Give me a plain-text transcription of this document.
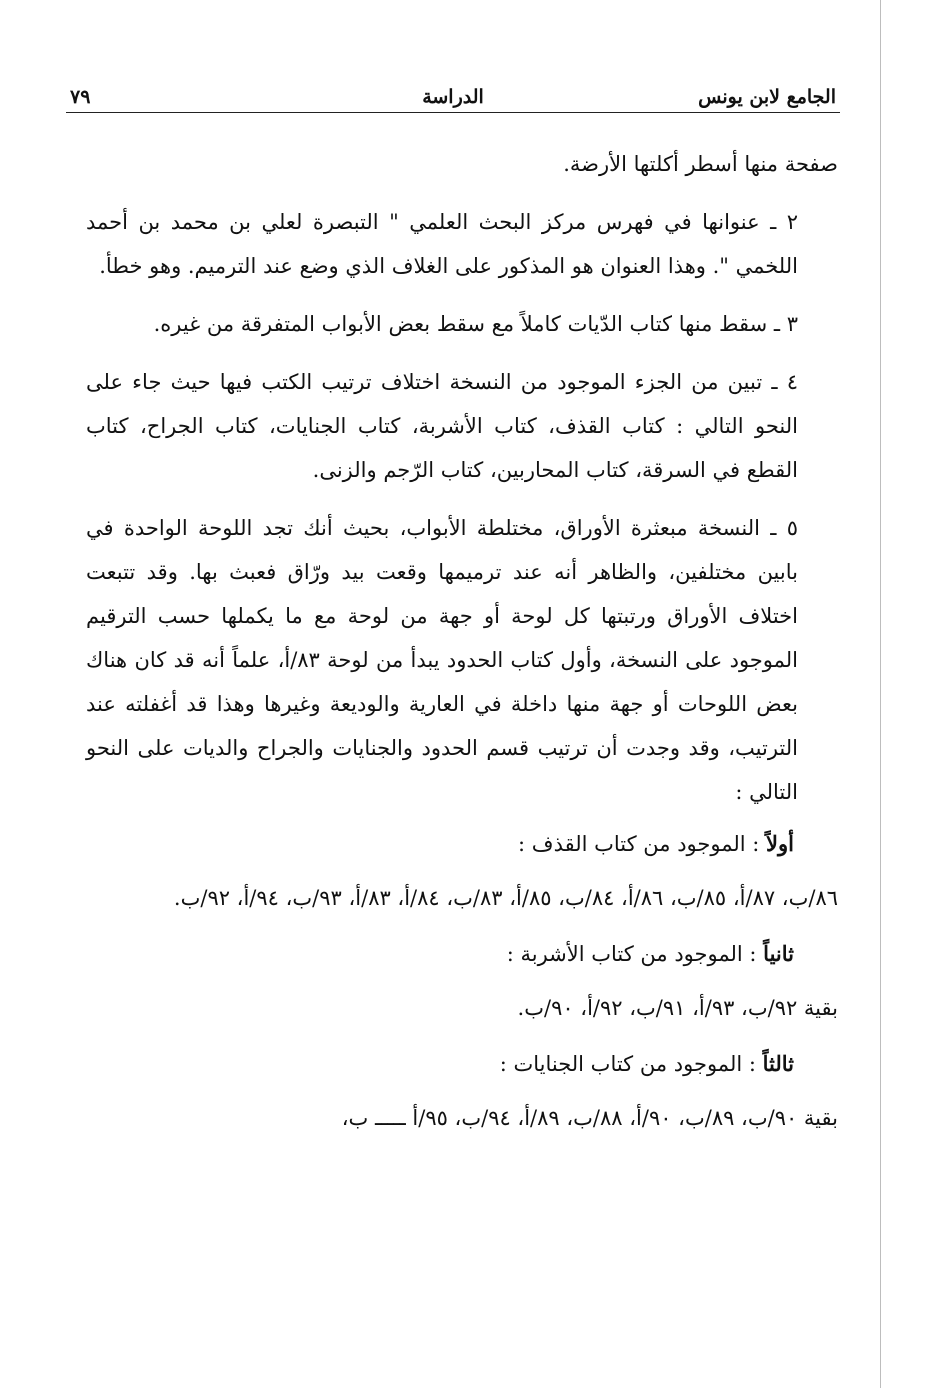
الجامع لابن يونس
الدراسة
٧٩

صفحة منها أسطر أكلتها الأرضة.

٢ ـ عنوانها في فهرس مركز البحث العلمي " التبصرة لعلي بن محمد بن أحمد اللخمي ". وهذا العنوان هو المذكور على الغلاف الذي وضع عند الترميم. وهو خطأ.

٣ ـ سقط منها كتاب الدّيات كاملاً مع سقط بعض الأبواب المتفرقة من غيره.

٤ ـ تبين من الجزء الموجود من النسخة اختلاف ترتيب الكتب فيها حيث جاء على النحو التالي : كتاب القذف، كتاب الأشربة، كتاب الجنايات، كتاب الجراح، كتاب القطع في السرقة، كتاب المحاربين، كتاب الرّجم والزنى.

٥ ـ النسخة مبعثرة الأوراق، مختلطة الأبواب، بحيث أنك تجد اللوحة الواحدة في بابين مختلفين، والظاهر أنه عند ترميمها وقعت بيد ورّاق فعبث بها. وقد تتبعت اختلاف الأوراق ورتبتها كل لوحة أو جهة من لوحة مع ما يكملها حسب الترقيم الموجود على النسخة، وأول كتاب الحدود يبدأ من لوحة ٨٣/أ، علماً أنه قد كان هناك بعض اللوحات أو جهة منها داخلة في العارية والوديعة وغيرها وهذا قد أغفلته عند الترتيب، وقد وجدت أن ترتيب قسم الحدود والجنايات والجراح والديات على النحو التالي :

أولاً : الموجود من كتاب القذف :

٨٦/ب، ٨٧/أ، ٨٥/ب، ٨٦/أ، ٨٤/ب، ٨٥/أ، ٨٣/ب، ٨٤/أ، ٨٣/أ، ٩٣/ب، ٩٤/أ، ٩٢/ب.

ثانياً : الموجود من كتاب الأشربة :

بقية ٩٢/ب، ٩٣/أ، ٩١/ب، ٩٢/أ، ٩٠/ب.

ثالثاً : الموجود من كتاب الجنايات :

بقية ٩٠/ب، ٨٩/ب، ٩٠/أ، ٨٨/ب، ٨٩/أ، ٩٤/ب، ٩٥/أ ـــــ ب،
